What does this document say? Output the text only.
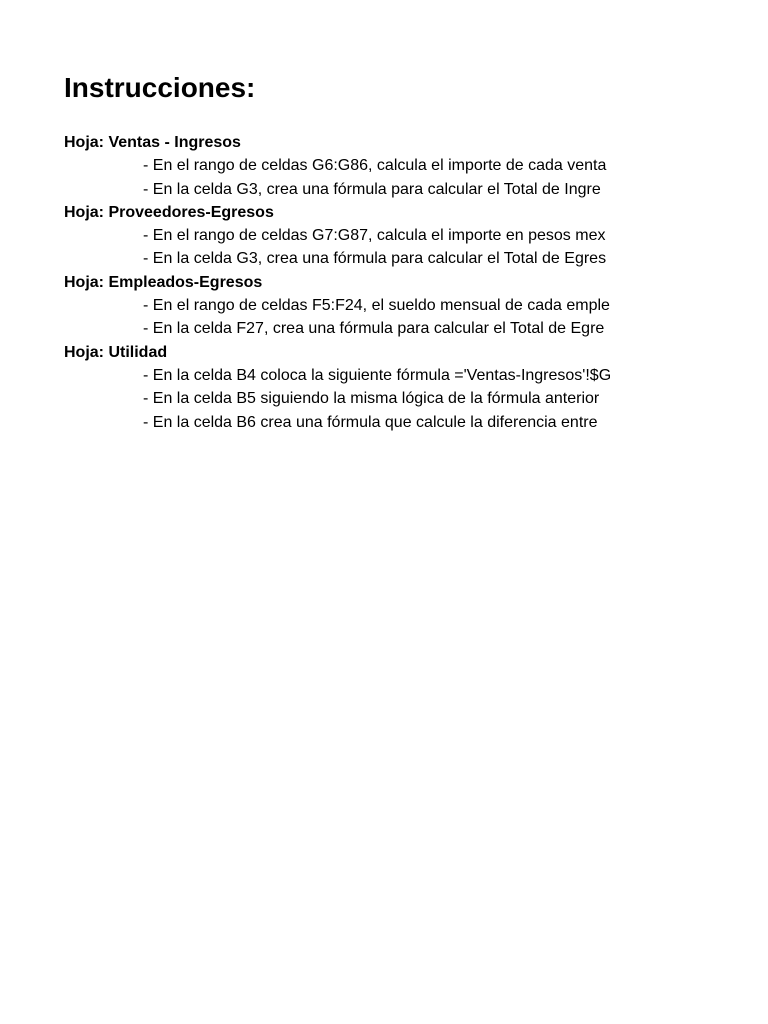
Instrucciones:
Hoja: Ventas - Ingresos
- En el rango de celdas G6:G86, calcula el importe de cada venta
- En la celda G3, crea una fórmula para calcular el Total de Ingre
Hoja: Proveedores-Egresos
- En el rango de celdas G7:G87, calcula el importe en pesos mex
- En la celda G3, crea una fórmula para calcular el Total de Egres
Hoja: Empleados-Egresos
- En el rango de celdas F5:F24, el sueldo mensual de cada emple
- En la celda F27, crea una fórmula para calcular el Total de Egre
Hoja: Utilidad
- En la celda B4 coloca la siguiente fórmula ='Ventas-Ingresos'!$G
- En la celda B5 siguiendo la misma lógica de la fórmula anterior
- En la celda B6 crea una fórmula que calcule la diferencia entre
